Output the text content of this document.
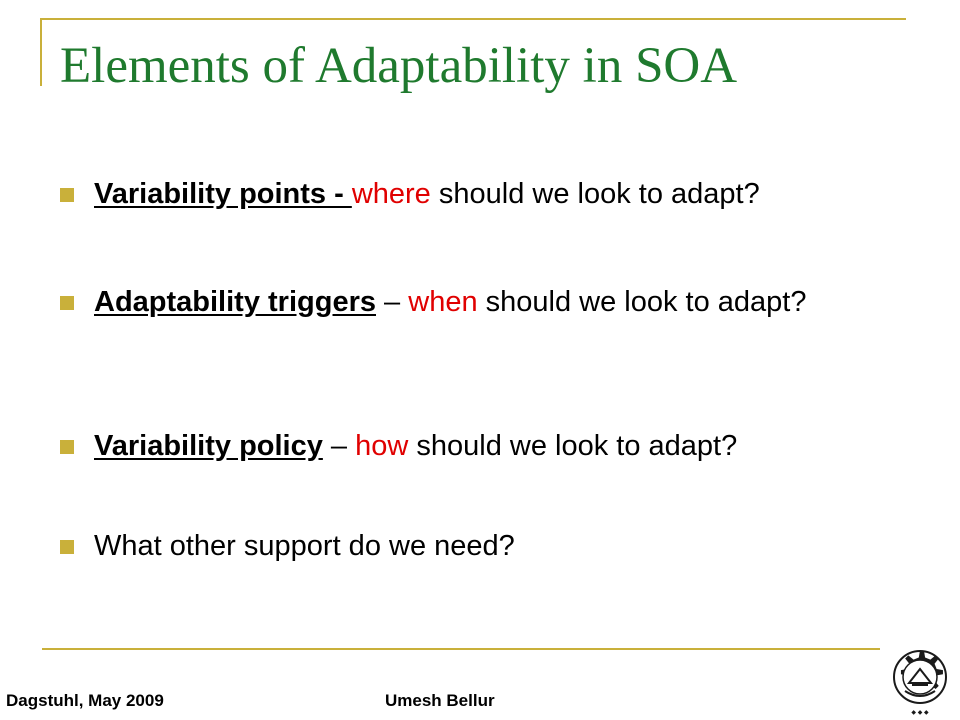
Elements of Adaptability in SOA
Variability points - where should we look to adapt?
Adaptability triggers – when should we look to adapt?
Variability policy – how should we look to adapt?
What other support do we need?
Dagstuhl, May 2009	Umesh Bellur
◆ ◆ ◆
